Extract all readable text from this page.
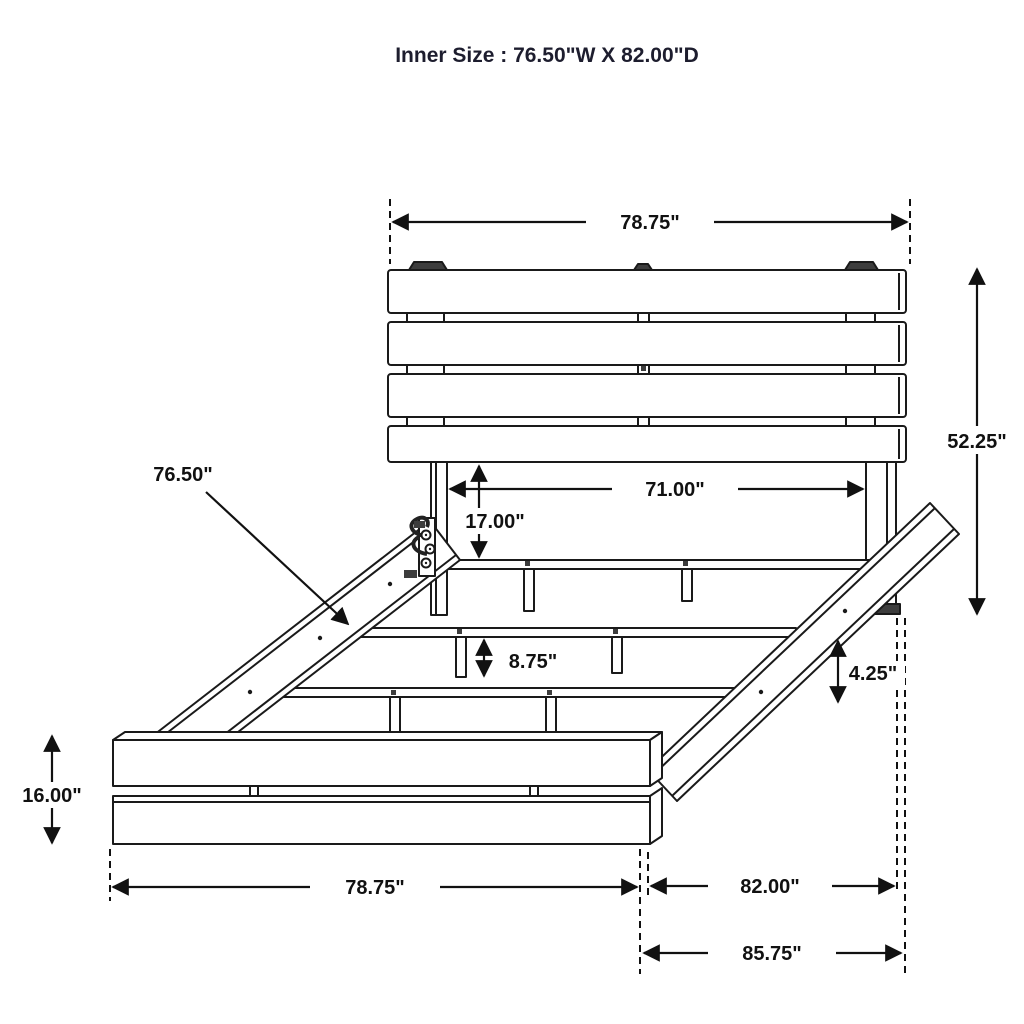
Inner Size : 76.50"W X 82.00"D
78.75"
52.25"
76.50"
71.00"
17.00"
8.75"
4.25"
16.00"
78.75"	82.00"
85.75"
